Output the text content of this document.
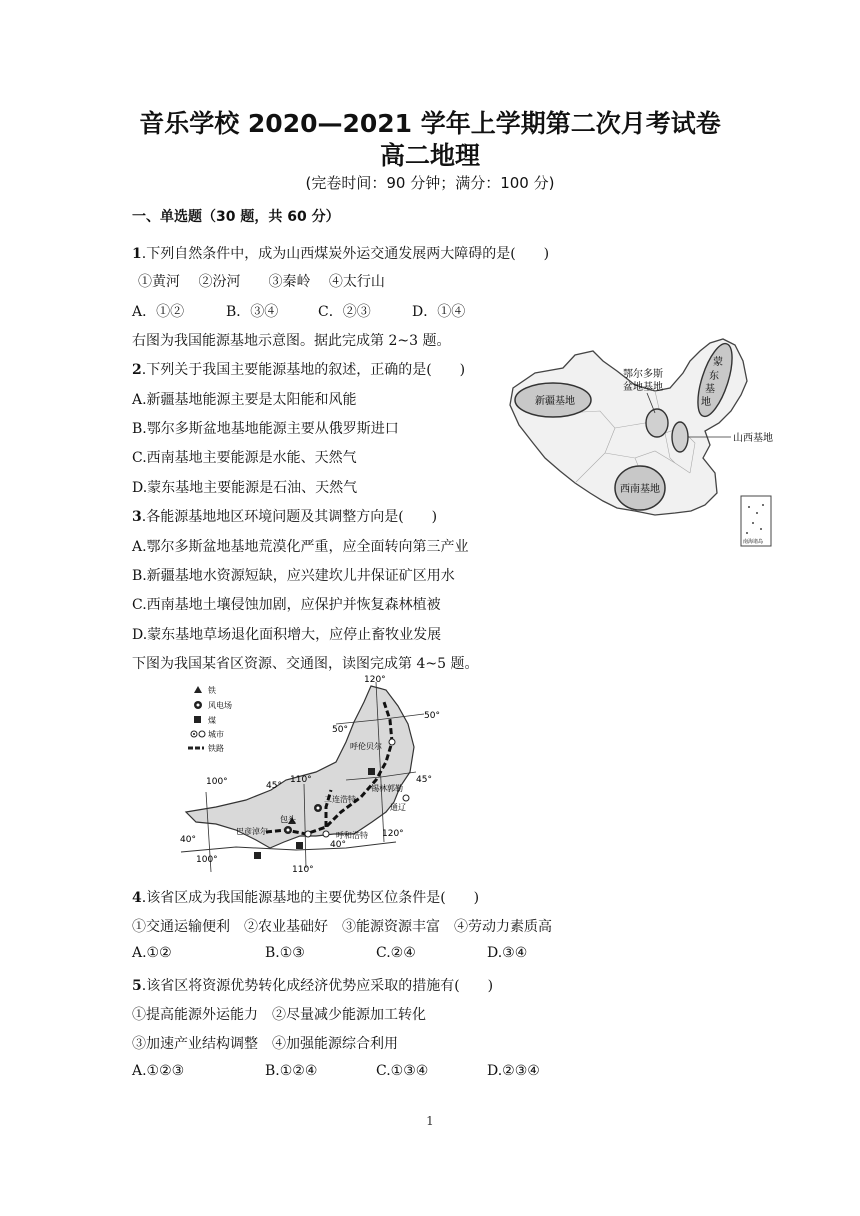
音乐学校 2020—2021 学年上学期第二次月考试卷
高二地理
(完卷时间：90 分钟；满分：100 分)
一、单选题（30 题，共 60 分）
1.下列自然条件中，成为山西煤炭外运交通发展两大障碍的是(　　)
①黄河　 ②汾河　　③秦岭　 ④太行山
A．①②	B．③④	C．②③	D．①④
右图为我国能源基地示意图。据此完成第 2~3 题。
2.下列关于我国主要能源基地的叙述，正确的是(　　)
A.新疆基地能源主要是太阳能和风能
B.鄂尔多斯盆地基地能源主要从俄罗斯进口
C.西南基地主要能源是水能、天然气
D.蒙东基地主要能源是石油、天然气
3.各能源基地地区环境问题及其调整方向是(　　)
A.鄂尔多斯盆地基地荒漠化严重，应全面转向第三产业
B.新疆基地水资源短缺，应兴建坎儿井保证矿区用水
C.西南基地土壤侵蚀加剧，应保护并恢复森林植被
D.蒙东基地草场退化面积增大，应停止畜牧业发展
下图为我国某省区资源、交通图，读图完成第 4~5 题。
新疆基地
鄂尔多斯
盆地基地
蒙
东
基
地
山西基地
西南基地
南海诸岛
铁
风电场
煤
城市
铁路	呼伦贝尔
锡林郭勒
二连浩特
通辽
巴彦淖尔
包头
呼和浩特
120°
50°
50°
45°
110°
45°
100°
40°	40°
120°
100°
110°
4.该省区成为我国能源基地的主要优势区位条件是(　　)
①交通运输便利　②农业基础好　③能源资源丰富　④劳动力素质高
A.①②	B.①③	C.②④	D.③④
5.该省区将资源优势转化成经济优势应采取的措施有(　　)
①提高能源外运能力　②尽量减少能源加工转化
③加速产业结构调整　④加强能源综合利用
A.①②③	B.①②④	C.①③④	D.②③④
1
